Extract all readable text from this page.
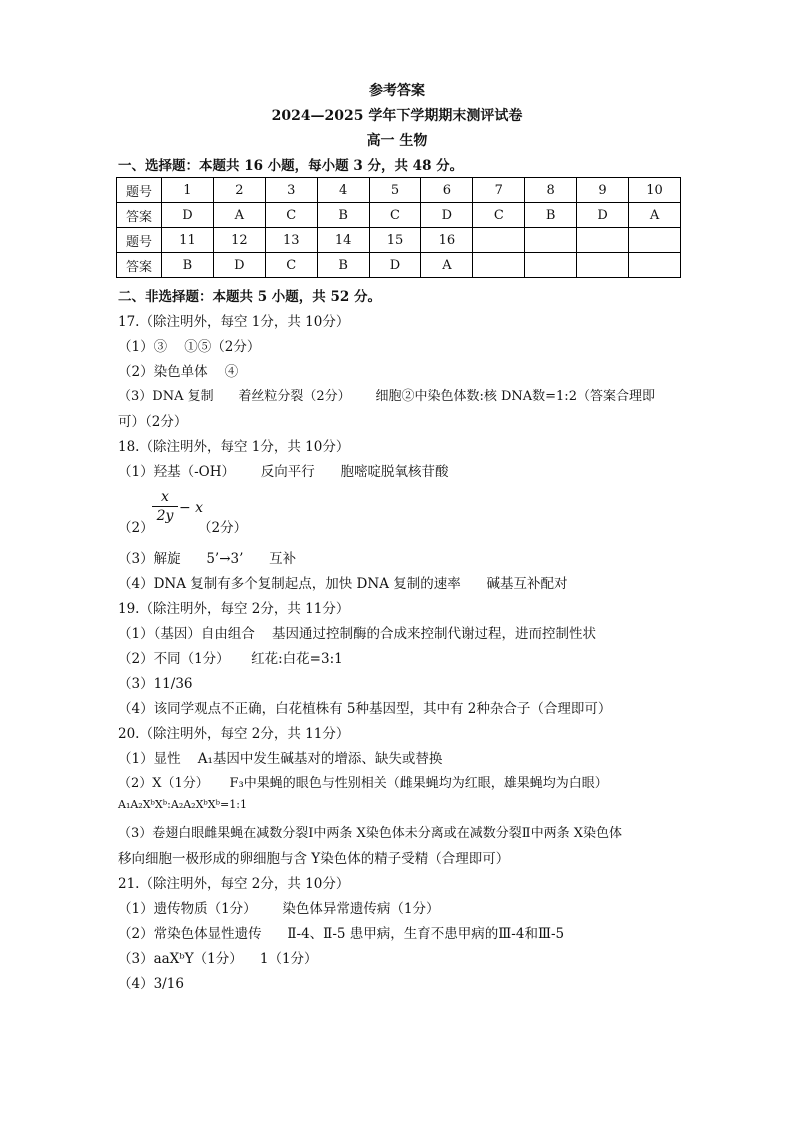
参考答案
2024—2025 学年下学期期末测评试卷
高一 生物
一、选择题：本题共 16 小题，每小题 3 分，共 48 分。
题号	1	2	3	4	5	6	7	8	9	10
答案	D	A	C	B	C	D	C	B	D	A
题号	11	12	13	14	15	16				
答案	B	D	C	B	D	A				
二、非选择题：本题共 5 小题，共 52 分。
17.（除注明外，每空 1分，共 10分）
（1）③    ①⑤（2分）
（2）染色单体    ④
（3）DNA 复制      着丝粒分裂（2分）      细胞②中染色体数:核 DNA数=1:2（答案合理即
可）（2分）
18.（除注明外，每空 1分，共 10分）
（1）羟基（-OH）      反向平行      胞嘧啶脱氧核苷酸
（2）
$\frac{x}{2y} - x$
（2分）
（3）解旋      5’→3’      互补
（4）DNA 复制有多个复制起点，加快 DNA 复制的速率      碱基互补配对
19.（除注明外，每空 2分，共 11分）
（1）（基因）自由组合    基因通过控制酶的合成来控制代谢过程，进而控制性状
（2）不同（1分）     红花:白花=3:1
（3）11/36
（4）该同学观点不正确，白花植株有 5种基因型，其中有 2种杂合子（合理即可）
20.（除注明外，每空 2分，共 11分）
（1）显性    A₁基因中发生碱基对的增添、缺失或替换
（2）X（1分）     F₃中果蝇的眼色与性别相关（雌果蝇均为红眼，雄果蝇均为白眼）
A₁A₂XᵇXᵇ:A₂A₂XᵇXᵇ=1:1
（3）卷翅白眼雌果蝇在减数分裂Ⅰ中两条 X染色体未分离或在减数分裂Ⅱ中两条 X染色体
移向细胞一极形成的卵细胞与含 Y染色体的精子受精（合理即可）
21.（除注明外，每空 2分，共 10分）
（1）遗传物质（1分）      染色体异常遗传病（1分）
（2）常染色体显性遗传      Ⅱ-4、Ⅱ-5 患甲病，生育不患甲病的Ⅲ-4和Ⅲ-5
（3）aaXᵇY（1分）    1（1分）
（4）3/16
